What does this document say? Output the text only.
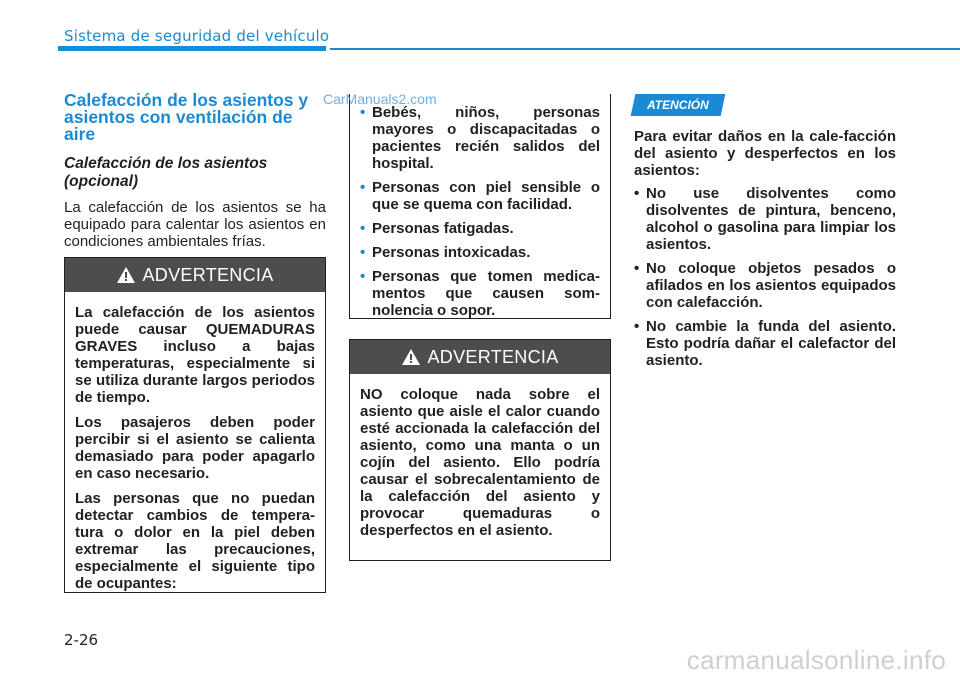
Sistema de seguridad del vehículo
Calefacción de los asientos y asientos con ventilación de aire
Calefacción de los asientos (opcional)

La calefacción de los asientos se ha equipado para calentar los asientos en condiciones ambientales frías.

ADVERTENCIA

La calefacción de los asientos puede causar QUEMADURAS GRAVES incluso a bajas temperaturas, especialmente si se utiliza durante largos periodos de tiempo.

Los pasajeros deben poder percibir si el asiento se calienta demasiado para poder apagarlo en caso necesario.

Las personas que no puedan detectar cambios de tempera-tura o dolor en la piel deben extremar las precauciones, especialmente el siguiente tipo de ocupantes:

• Bebés, niños, personas mayores o discapacitadas o pacientes recién salidos del hospital.
• Personas con piel sensible o que se quema con facilidad.
• Personas fatigadas.
• Personas intoxicadas.
• Personas que tomen medica-mentos que causen som-nolencia o sopor.
ADVERTENCIA

NO coloque nada sobre el asiento que aisle el calor cuando esté accionada la calefacción del asiento, como una manta o un cojín del asiento. Ello podría causar el sobrecalentamiento de la calefacción del asiento y provocar quemaduras o desperfectos en el asiento.

ATENCIÓN

Para evitar daños en la cale-facción del asiento y desperfectos en los asientos:

• No use disolventes como disolventes de pintura, benceno, alcohol o gasolina para limpiar los asientos.
• No coloque objetos pesados o afilados en los asientos equipados con calefacción.
• No cambie la funda del asiento. Esto podría dañar el calefactor del asiento.
CarManuals2.com
2-26
carmanualsonline.info
